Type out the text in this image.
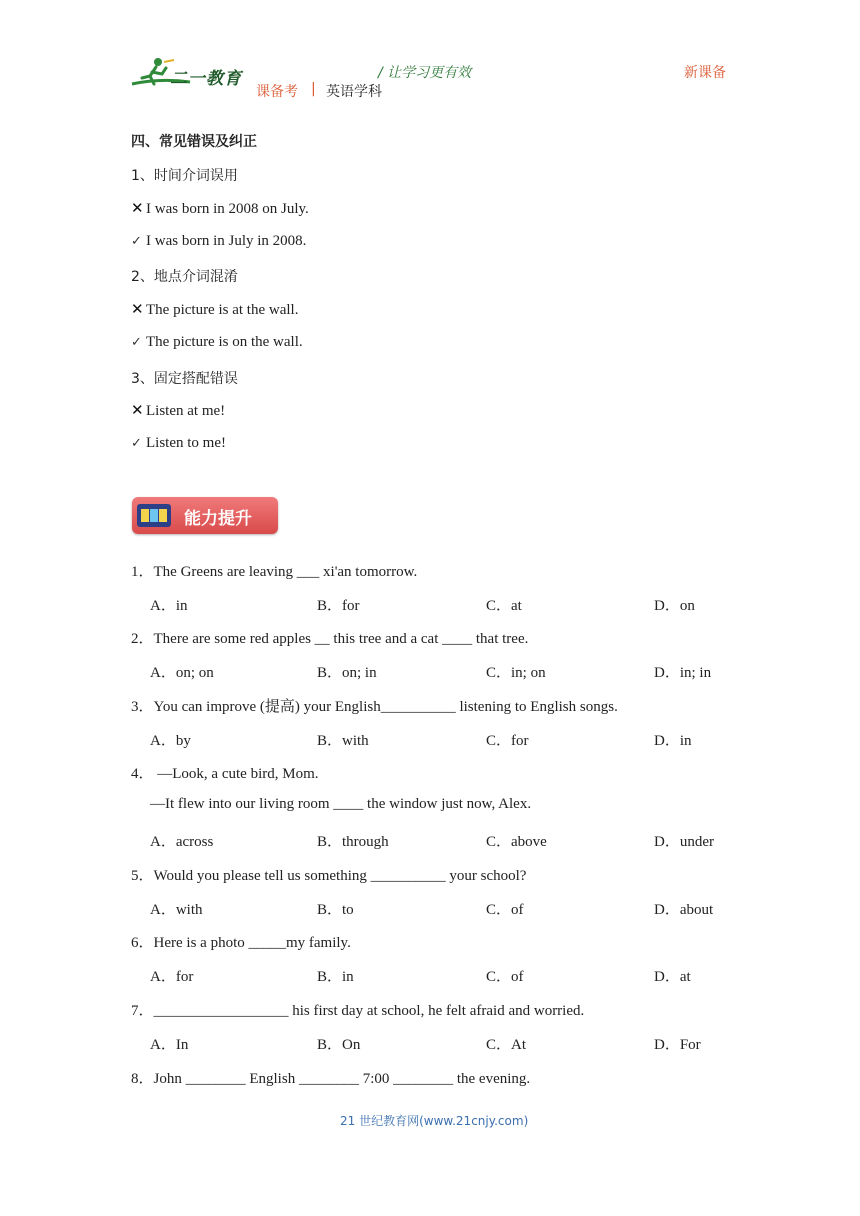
二一教育	/ 让学习更有效	新课备
课备考 | 英语学科
四、常见错误及纠正
1、时间介词误用
✕ I was born in 2008 on July.
✓ I was born in July in 2008.
2、地点介词混淆
✕ The picture is at the wall.
✓ The picture is on the wall.
3、固定搭配错误
✕ Listen at me!
✓ Listen to me!
能力提升
1．The Greens are leaving ___ xi'an tomorrow.
A．in	B．for	C．at	D．on
2．There are some red apples __ this tree and a cat ____ that tree.
A．on; on	B．on; in	C．in; on	D．in; in
3．You can improve (提高) your English__________ listening to English songs.
A．by	B．with	C．for	D．in
4． —Look, a cute bird, Mom.
—It flew into our living room ____ the window just now, Alex.
A．across	B．through	C．above	D．under
5．Would you please tell us something __________ your school?
A．with	B．to	C．of	D．about
6．Here is a photo _____my family.
A．for	B．in	C．of	D．at
7．__________________ his first day at school, he felt afraid and worried.
A．In	B．On	C．At	D．For
8．John ________ English ________ 7:00 ________ the evening.
21 世纪教育网(www.21cnjy.com)
